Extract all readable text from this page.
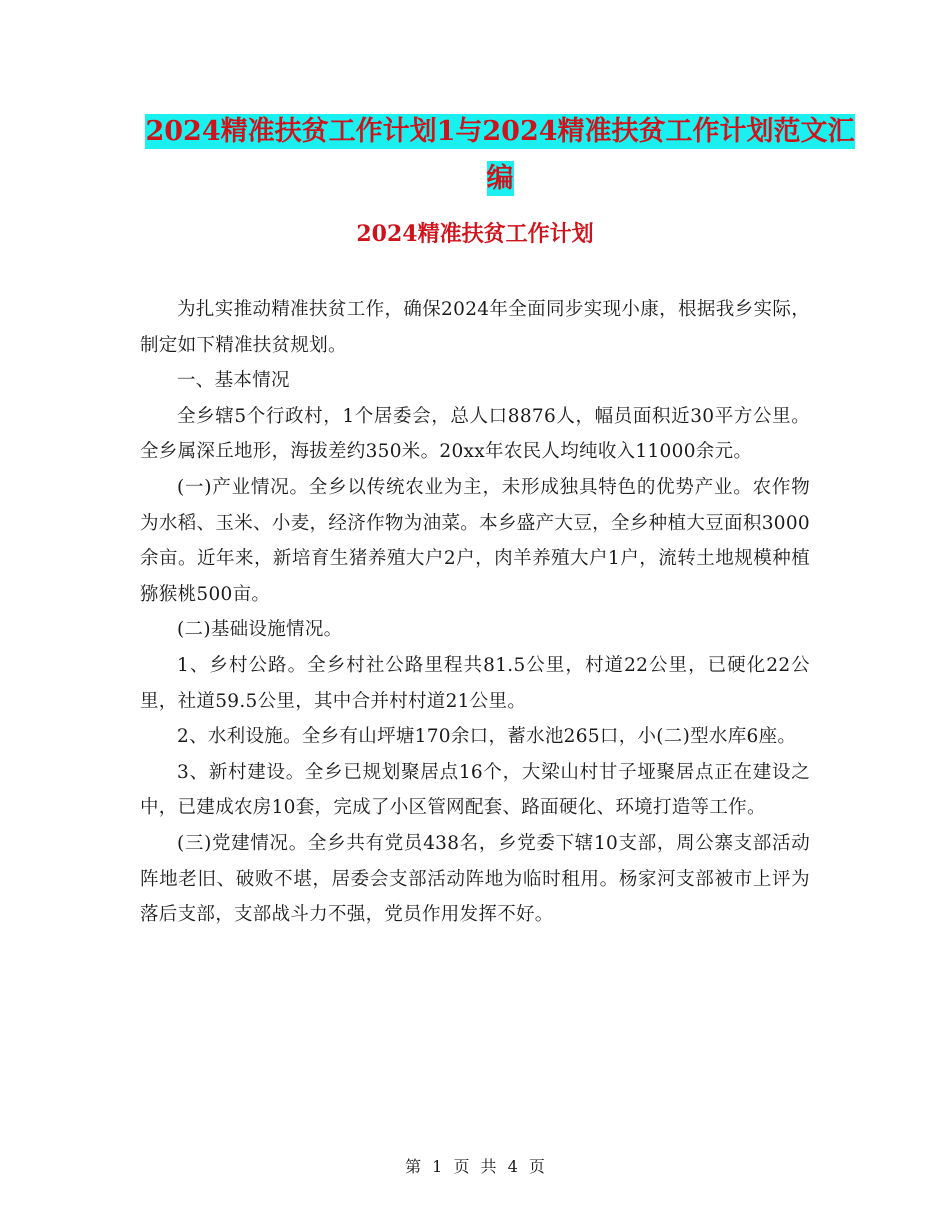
2024精准扶贫工作计划1与2024精准扶贫工作计划范文汇编
2024精准扶贫工作计划

为扎实推动精准扶贫工作，确保2024年全面同步实现小康，根据我乡实际，制定如下精准扶贫规划。

一、基本情况

全乡辖5个行政村，1个居委会，总人口8876人，幅员面积近30平方公里。全乡属深丘地形，海拔差约350米。20xx年农民人均纯收入11000余元。

(一)产业情况。全乡以传统农业为主，未形成独具特色的优势产业。农作物为水稻、玉米、小麦，经济作物为油菜。本乡盛产大豆，全乡种植大豆面积3000余亩。近年来，新培育生猪养殖大户2户，肉羊养殖大户1户，流转土地规模种植猕猴桃500亩。

(二)基础设施情况。

1、乡村公路。全乡村社公路里程共81.5公里，村道22公里，已硬化22公里，社道59.5公里，其中合并村村道21公里。

2、水利设施。全乡有山坪塘170余口，蓄水池265口，小(二)型水库6座。

3、新村建设。全乡已规划聚居点16个，大梁山村甘子垭聚居点正在建设之中，已建成农房10套，完成了小区管网配套、路面硬化、环境打造等工作。

(三)党建情况。全乡共有党员438名，乡党委下辖10支部，周公寨支部活动阵地老旧、破败不堪，居委会支部活动阵地为临时租用。杨家河支部被市上评为落后支部，支部战斗力不强，党员作用发挥不好。

第 1 页 共 4 页
